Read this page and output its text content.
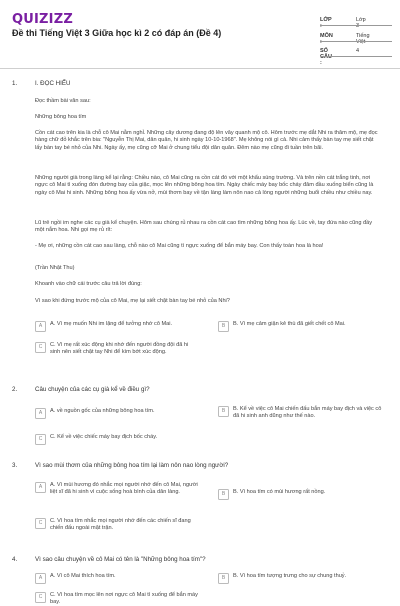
QUIZIZZ
Đề thi Tiếng Việt 3 Giữa học kì 2 có đáp án (Đề 4)
LỚP :
Lớp 3
MÔN :
Tiếng Việt
SỐ CÂU :
4
1.	I. ĐỌC HIỂU
Đọc thầm bài văn sau:
Những bông hoa tím
Cồn cát cao trên kia là chỗ cô Mai nằm nghỉ. Những cây dương đang độ lên vây quanh mộ cô. Hôm trước mẹ dắt Nhi ra thăm mộ, mẹ đọc hàng chữ đỏ khắc trên bia: "Nguyễn Thị Mai, dân quân, hi sinh ngày 10-10-1968". Mẹ không nói gì cả. Nhi cảm thấy bàn tay mẹ siết chặt lấy bàn tay bé nhỏ của Nhi. Ngày ấy, mẹ cũng cỡ Mai ở chung tiểu đội dân quân. Đêm nào mẹ cũng đi tuần trên bãi.
Những người già trong làng kể lại rằng: Chiều nào, cô Mai cũng ra cồn cát đó với một khẩu súng trường. Và trên nền cát trắng tinh, nơi ngực cô Mai tì xuống đón đường bay của giặc, mọc lên những bông hoa tím. Ngày chiếc máy bay bốc cháy đâm đầu xuống biển cũng là ngày cô Mai hi sinh. Những bông hoa ấy vừa nở, mùi thơm bay về tận làng làm nôn nao cả lòng người những buổi chiều như chiều nay.
Lũ trẻ ngồi im nghe các cụ già kể chuyện. Hôm sau chúng rủ nhau ra cồn cát cao tìm những bông hoa ấy. Lúc về, tay đứa nào cũng đầy một nắm hoa. Nhi gọi mẹ rủ rít:
- Mẹ ơi, những cồn cát cao sau làng, chỗ nào cô Mai cũng tì ngực xuống để bắn máy bay. Con thấy toàn hoa là hoa!
(Trần Nhật Thu)
Khoanh vào chữ cái trước câu trả lời đúng:
Vì sao khi đứng trước mộ của cô Mai, mẹ lại siết chặt bàn tay bé nhỏ của Nhi?
A	A. Vì mẹ muốn Nhi im lặng để tưởng nhớ cô Mai.	B	B. Vì mẹ cảm giận kẻ thù đã giết chết cô Mai.
C	C. Vì mẹ rất xúc động khi nhớ đến người đồng đội đã hi sinh nên siết chặt tay Nhi để kìm bớt xúc động.
2.	Câu chuyện của các cụ già kể về điều gì?
A	A. về nguồn gốc của những bông hoa tím.	B	B. Kể về việc cô Mai chiến đấu bắn máy bay địch và việc cô đã hi sinh anh dũng như thế nào.
C	C. Kể về việc chiếc máy bay địch bốc cháy.
3.	Vì sao mùi thơm của những bông hoa tím lại làm nôn nao lòng người?
A	A. Vì mùi hương đó nhắc mọi người nhớ đến cô Mai, người liệt sĩ đã hi sinh vì cuộc sống hoà bình của dân làng.	B	B. Vì hoa tím có mùi hương rất nồng.
C	C. Vì hoa tím nhắc mọi người nhớ đến các chiến sĩ đang chiến đấu ngoài mặt trận.
4.	Vì sao câu chuyện về cô Mai có tên là "Những bông hoa tím"?
A	A. Vì cô Mai thích hoa tím.	B	B. Vì hoa tím tượng trưng cho sự chung thuỷ.
C	C. Vì hoa tím mọc lên nơi ngực cô Mai tì xuống để bắn máy bay.
